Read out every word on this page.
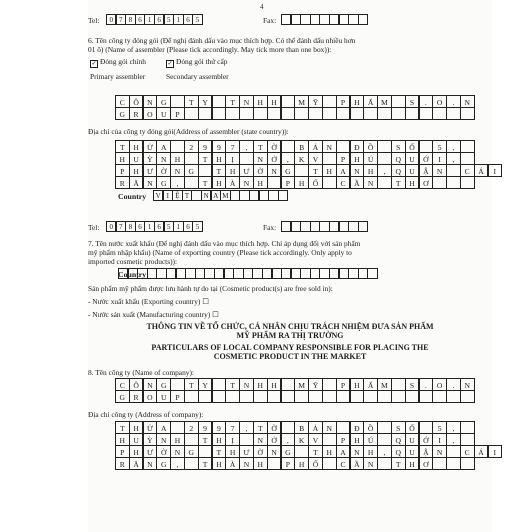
4
Tel:	0 7 8 6 1 6 5 1 6 5	Fax:
6. Tên công ty đóng gói (Để nghị đánh dấu vào mục thích hợp. Có thể đánh dấu nhiều hơn
01 ô) (Name of assembler (Please tick accordingly. May tick more than one box)):
✓ Đóng gói chính	✓ Đóng gói thứ cấp
Primary assembler	Secondary assembler
C	Ô	N	G	T	Y	T	N	H	H	M	Ỹ	P	H	Ẩ	M	S	.	O	.	N
G	R	O	U	P
Địa chỉ của công ty đóng gói(Address of assembler (state country)):
T	H	Ử	A	2	9	9	7	,	T	Ờ	B	Ả	N	Đ	Ồ	S	Ố	5	,
H	U	Ỳ	N	H	T	H	Ị	N	Ở	,	K	V	P	H	Ú	Q	U	Ớ	I	,
P	H	Ư	Ờ	N	G	T	H	Ư	Ờ	N	G	T	H	A	N	H	,	Q	U	Ậ	N	C	Á	I
R	Ă	N	G	,	T	H	À	N	H	P	H	Ố	C	Ầ	N	T	H	Ơ
Country	V I Ệ T	N A M
Tel:	0 7 8 6 1 6 5 1 6 5	Fax:
7. Tên nước xuất khẩu (Để nghị đánh dấu vào mục thích hợp. Chỉ áp dụng đối với sản phẩm
mỹ phẩm nhập khẩu) (Name of exporting country (Please tick accordingly. Only apply to
imported cosmetic products)):
Country
Sản phẩm mỹ phẩm được lưu hành tự do tại (Cosmetic product(s) are free sold in):
- Nước xuất khẩu (Exporting country) ☐
- Nước sản xuất (Manufacturing country) ☐
THÔNG TIN VỀ TỔ CHỨC, CÁ NHÂN CHỊU TRÁCH NHIỆM ĐƯA SẢN PHẨM
MỸ PHẨM RA THỊ TRƯỜNG
PARTICULARS OF LOCAL COMPANY RESPONSIBLE FOR PLACING THE
COSMETIC PRODUCT IN THE MARKET
8. Tên công ty (Name of company):
C	Ô	N	G	T	Y	T	N	H	H	M	Ỹ	P	H	Ẩ	M	S	.	O	.	N
G	R	O	U	P
Địa chỉ công ty (Address of company):
T	H	Ử	A	2	9	9	7	,	T	Ờ	B	Ả	N	Đ	Ồ	S	Ố	5	,
H	U	Ỳ	N	H	T	H	Ị	N	Ở	,	K	V	P	H	Ú	Q	U	Ớ	I	,
P	H	Ư	Ờ	N	G	T	H	Ư	Ờ	N	G	T	H	A	N	H	,	Q	U	Ậ	N	C	Á	I
R	Ă	N	G	,	T	H	À	N	H	P	H	Ố	C	Ầ	N	T	H	Ơ
